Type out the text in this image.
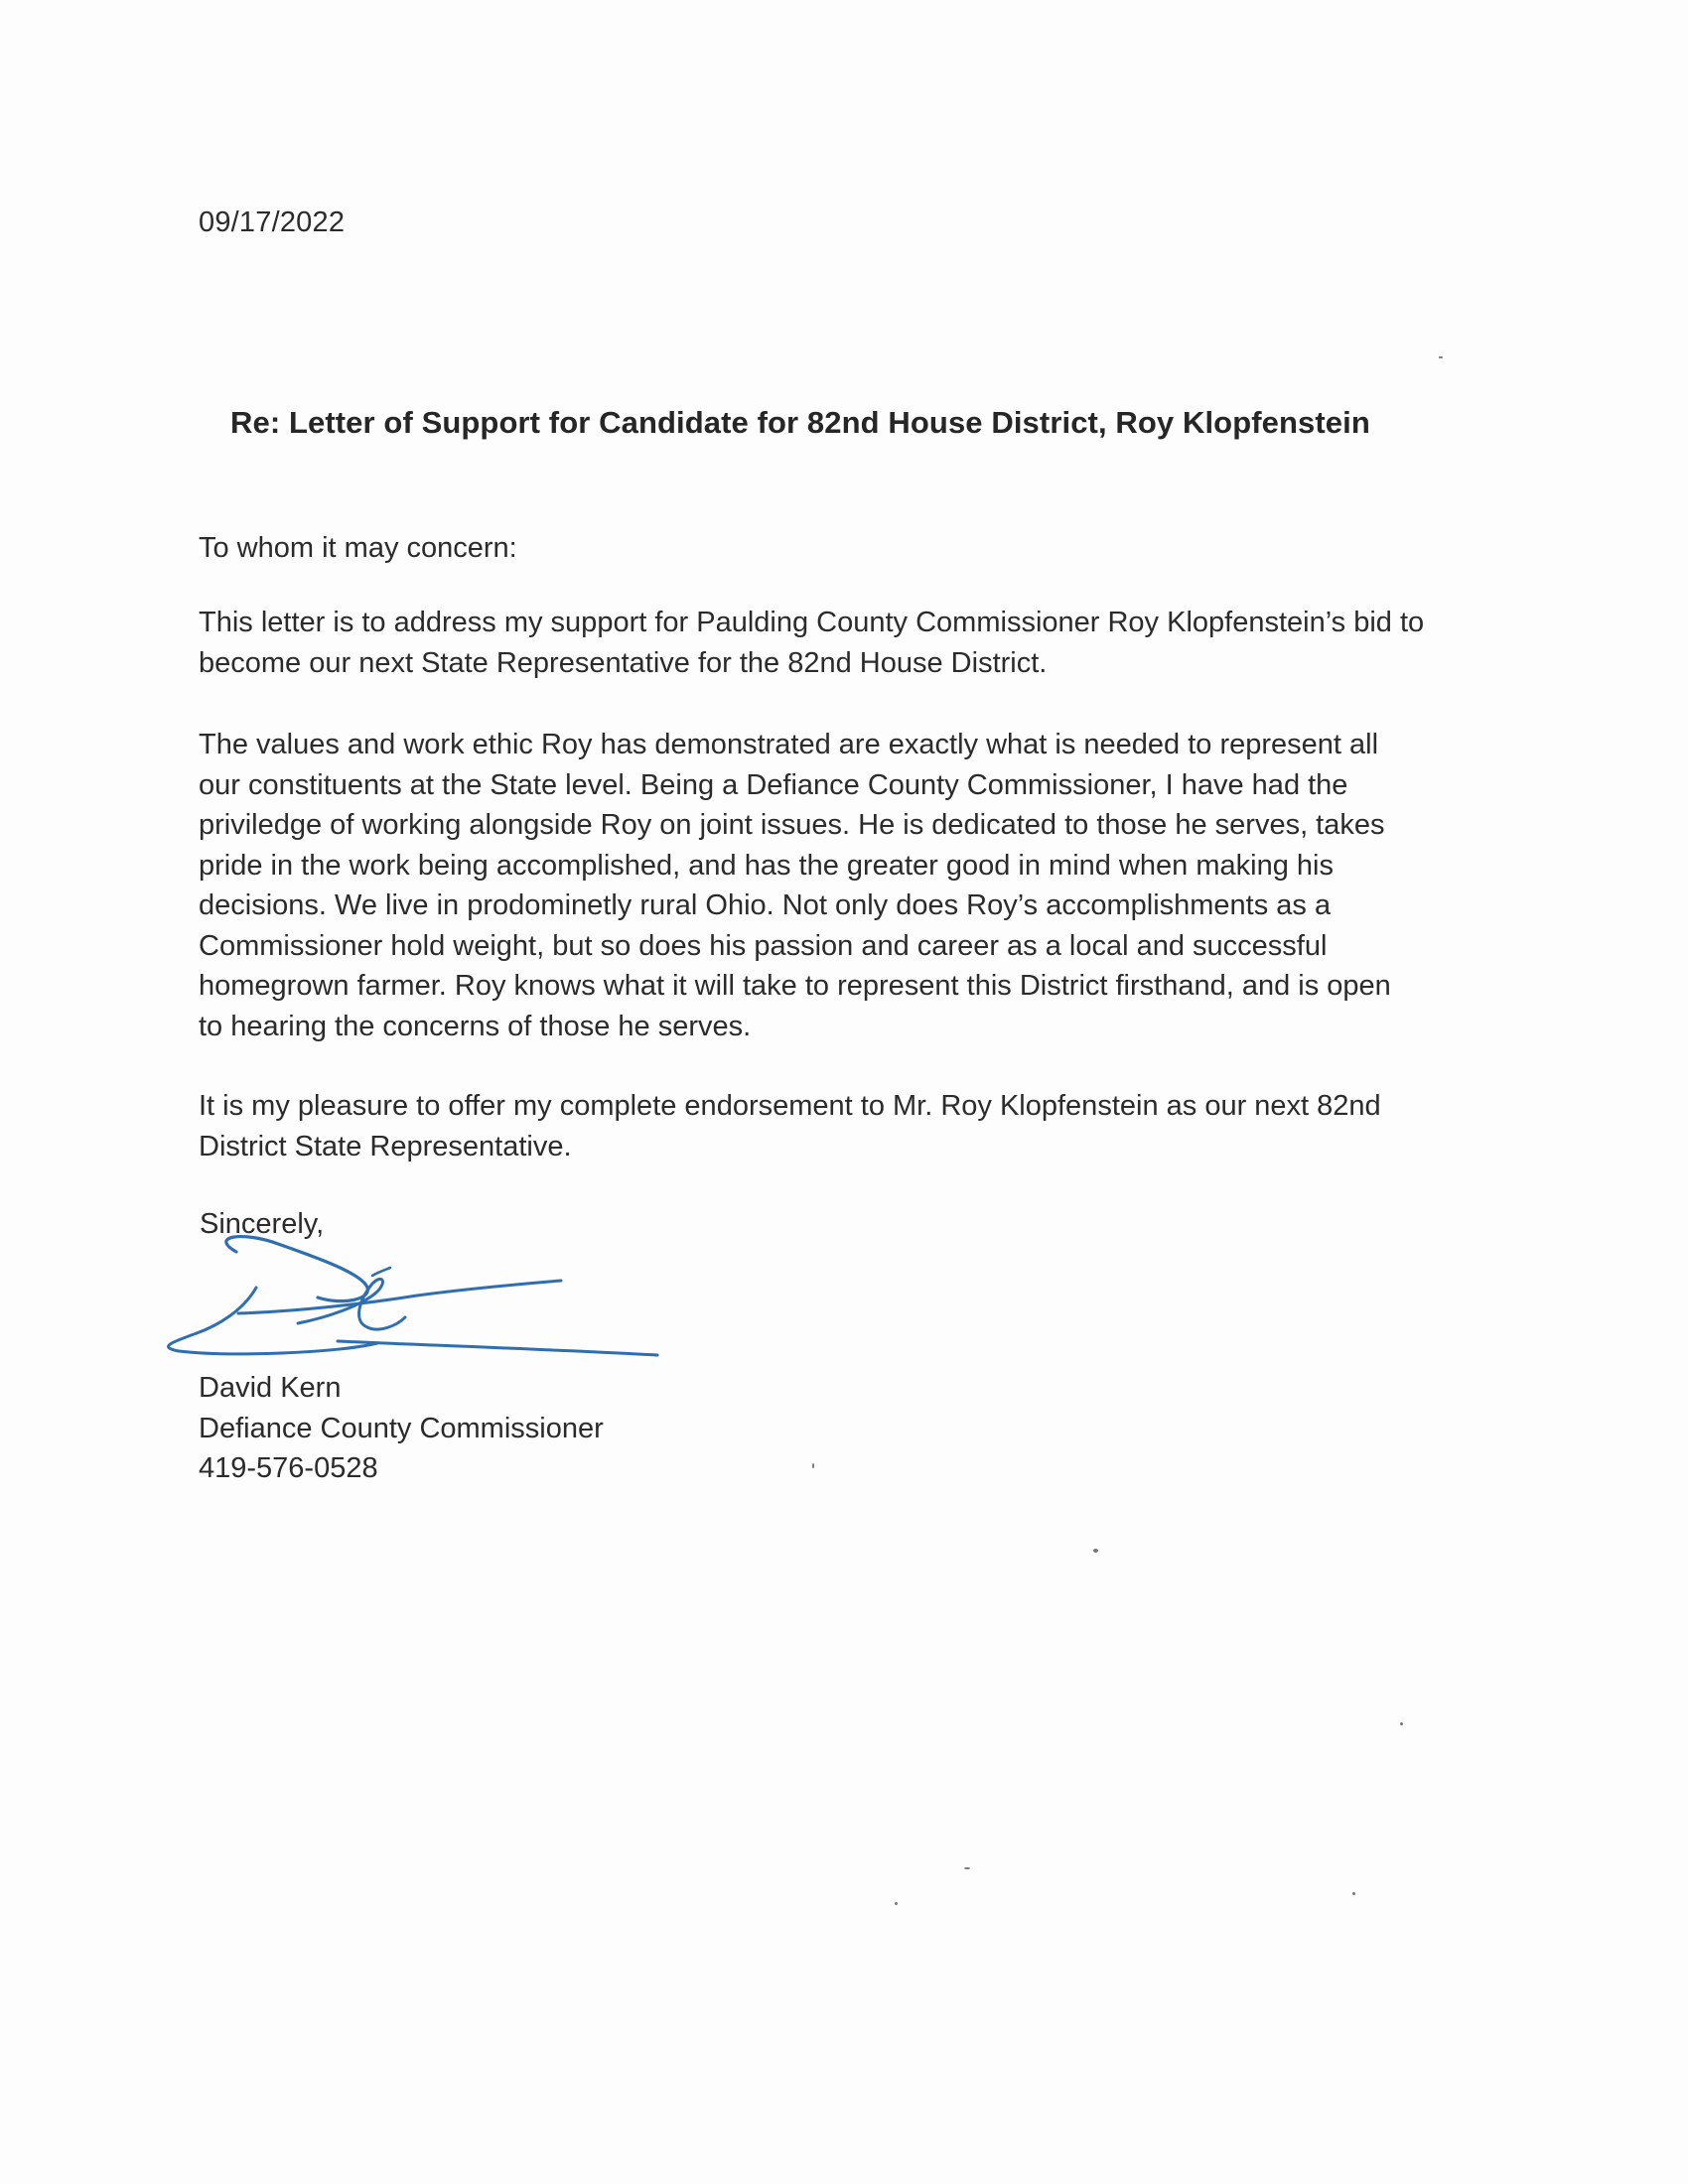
09/17/2022
Re: Letter of Support for Candidate for 82nd House District, Roy Klopfenstein
To whom it may concern:
This letter is to address my support for Paulding County Commissioner Roy Klopfenstein’s bid to
become our next State Representative for the 82nd House District.
The values and work ethic Roy has demonstrated are exactly what is needed to represent all
our constituents at the State level. Being a Defiance County Commissioner, I have had the
priviledge of working alongside Roy on joint issues. He is dedicated to those he serves, takes
pride in the work being accomplished, and has the greater good in mind when making his
decisions. We live in prodominetly rural Ohio. Not only does Roy’s accomplishments as a
Commissioner hold weight, but so does his passion and career as a local and successful
homegrown farmer. Roy knows what it will take to represent this District firsthand, and is open
to hearing the concerns of those he serves.
It is my pleasure to offer my complete endorsement to Mr. Roy Klopfenstein as our next 82nd
District State Representative.
Sincerely,
David Kern
Defiance County Commissioner
419-576-0528
